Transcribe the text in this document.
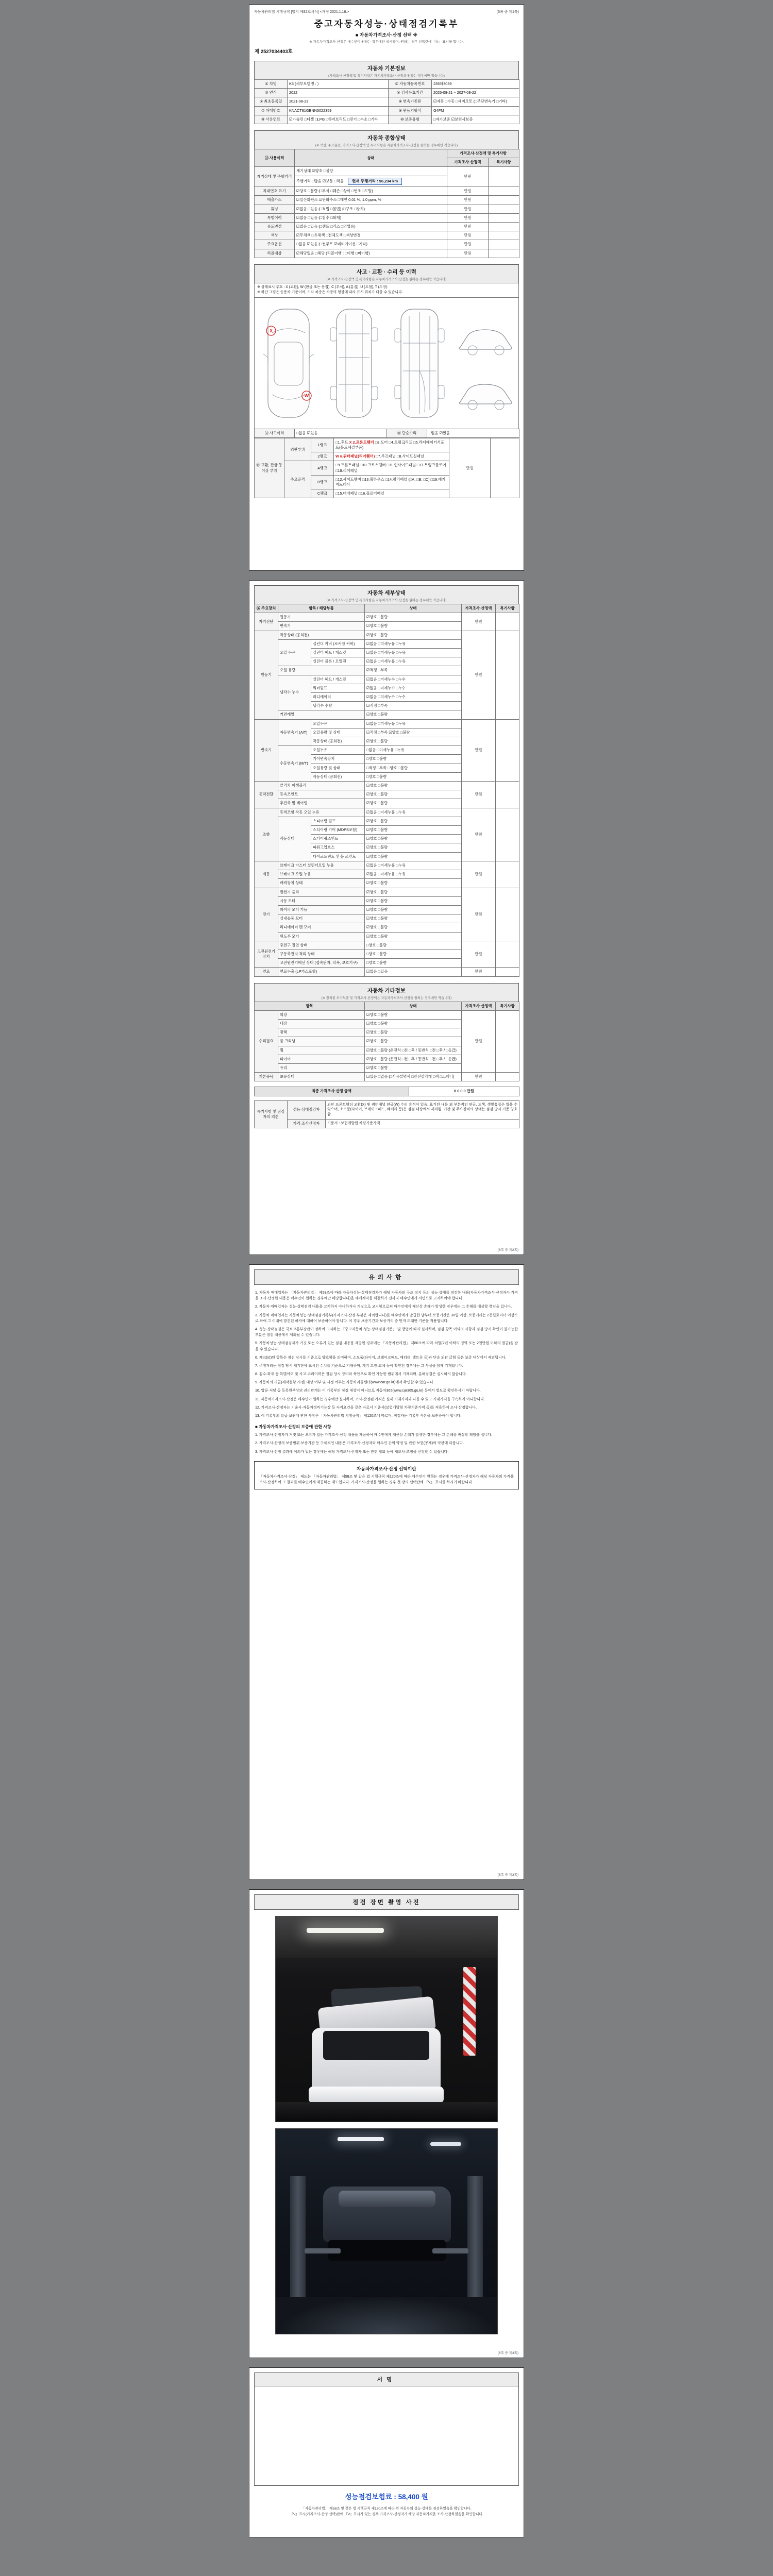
자동차관리법 시행규칙 [별지 제82호서식] <개정 2021.1.16.>	(6쪽 중 제1쪽)
중고자동차성능·상태점검기록부
■ 자동차가격조사·산정 선택 ※
※ 자동차가격조사·산정은 매수인이 원하는 경우에만 실시하며, 원하는 경우 선택란에 『V』 표시를 합니다.
제 2527034403호
자동차 기본정보
(가격조사·산정액 및 특기사항은 자동차가격조사·산정을 원하는 경우에만 적습니다)
① 차명	K3 (세부모델명 : )	② 자동차등록번호	235하3039
③ 연식	2022	④ 검사유효기간	2025-08-21 ~ 2027-08-22
⑤ 최초등록일	2021-08-23	⑥ 변속기종류	☑자동 □수동 □세미오토 (□무단변속기 □기타)
⑦ 차대번호	KNACT81GBNN5022359	⑧ 원동기형식	G4FM
⑨ 사용연료	☑가솔린 □디젤 □LPG □하이브리드 □전기 □수소 □기타	⑩ 보증유형	□자가보증 ☑보험사보증
자동차 종합상태
(※ 색상, 주요옵션, 가격조사·산정액 및 특기사항은 자동차가격조사·산정을 원하는 경우에만 적습니다)
⑪ 사용이력	상태	가격조사·산정액 및 특기사항	
		가격조사·산정액	특기사항
계기상태 및 주행거리	계기상태 ☑양호 □불량	만원	
	주행거리 □많음 ☑보통 □적음 현재 주행거리 : 96,234 km		
차대번호 표기	☑양호 □불량 (□부식 □훼손 □상이 □변조 □도말)	만원	
배출가스	☑일산화탄소 ☑탄화수소 □매연 0.01 %, 1.0 ppm, %	만원	
튜닝	☑없음 □있음 (□적법 □불법) (□구조 □장치)	만원	
특별이력	☑없음 □있음 (□침수 □화재)	만원	
용도변경	☑없음 □있음 (□렌트 □리스 □영업용)	만원	
색상	☑무채색 □유채색 □전체도색 □색상변경	만원	
주요옵션	□없음 ☑있음 (□썬루프 ☑네비게이션 □기타)	만원	
리콜대상	☑해당없음 □해당 (리콜이행 : □이행 □미이행)	만원	
사고 · 교환 · 수리 등 이력
(※ 가격조사·산정액 및 특기사항은 자동차가격조사·산정을 원하는 경우에만 적습니다)
※ 상태표시 부호 : X (교환), W (판금 또는 용접), C (부식), A (흠집), U (요철), T (도장)
※ 하단 그림은 승용차 기준이며, 기타 차종은 차종의 형상에 따라 표시 위치가 다를 수 있습니다.
X
W
⑬ 사고이력	□없음 ☑있음	⑭ 단순수리	□없음 ☑있음
⑮ 교환, 판금 등 이상 부위	외판부위	1랭크	□1.후드 X 2.프론트휀더 □3.도어 □4.트렁크리드 □5.라디에이터서포트(볼트체결부품)	만원	
		2랭크	W 6.쿼터패널(리어휀더) □7.루프패널 □8.사이드실패널		
	주요골격	A랭크	□9.프론트패널 □10.크로스멤버 □11.인사이드패널 □17.트렁크플로어 □18.리어패널		
		B랭크	□12.사이드멤버 □13.휠하우스 □14.필러패널 (□A, □B, □C) □19.패키지트레이		
		C랭크	□15.대쉬패널 □16.플로어패널		
자동차 세부상태
(※ 가격조사·산정액 및 특기사항은 자동차가격조사·산정을 원하는 경우에만 적습니다)
⑯ 주요장치	항목 / 해당부품		상태	가격조사·산정액	특기사항
자기진단	원동기		☑양호 □불량	만원	
	변속기		☑양호 □불량		
원동기	작동상태 (공회전)		☑양호 □불량	만원	
	오일 누유	실린더 커버 (로커암 커버)	☑없음 □미세누유 □누유		
		실린더 헤드 / 개스킷	☑없음 □미세누유 □누유		
		실린더 블록 / 오일팬	☑없음 □미세누유 □누유		
	오일 유량		☑적정 □부족		
	냉각수 누수	실린더 헤드 / 개스킷	☑없음 □미세누수 □누수		
		워터펌프	☑없음 □미세누수 □누수		
		라디에이터	☑없음 □미세누수 □누수		
		냉각수 수량	☑적정 □부족		
	커먼레일		☑양호 □불량		
변속기	자동변속기 (A/T)	오일누유	☑없음 □미세누유 □누유	만원	
		오일유량 및 상태	☑적정 □부족 ☑양호 □불량		
		작동상태 (공회전)	☑양호 □불량		
	수동변속기 (M/T)	오일누유	□없음 □미세누유 □누유		
		기어변속장치	□양호 □불량		
		오일유량 및 상태	□적정 □부족 □양호 □불량		
		작동상태 (공회전)	□양호 □불량		
동력전달	클러치 어셈블리		☑양호 □불량	만원	
	등속조인트		☑양호 □불량		
	추진축 및 베어링		☑양호 □불량		
조향	동력조향 작동 오일 누유		☑없음 □미세누유 □누유	만원	
	작동상태	스티어링 펌프	☑양호 □불량		
		스티어링 기어 (MDPS포함)	☑양호 □불량		
		스티어링조인트	☑양호 □불량		
		파워고압호스	☑양호 □불량		
		타이로드엔드 및 볼 조인트	☑양호 □불량		
제동	브레이크 마스터 실린더오일 누유		☑없음 □미세누유 □누유	만원	
	브레이크 오일 누유		☑없음 □미세누유 □누유		
	배력장치 상태		☑양호 □불량		
전기	발전기 출력		☑양호 □불량	만원	
	시동 모터		☑양호 □불량		
	와이퍼 모터 기능		☑양호 □불량		
	실내송풍 모터		☑양호 □불량		
	라디에이터 팬 모터		☑양호 □불량		
	윈도우 모터		☑양호 □불량		
고전원전기장치	충전구 절연 상태		□양호 □불량	만원	
	구동축전지 격리 상태		□양호 □불량		
	고전원전기배선 상태 (접속단자, 피복, 보호기구)		□양호 □불량		
연료	연료누출 (LP가스포함)		☑없음 □있음	만원	
자동차 기타정보
(※ 장착된 부가부품 및 가격조사·산정액은 자동차가격조사·산정을 원하는 경우에만 적습니다)
항목		상태	가격조사·산정액	특기사항
수리필요	외장	☑양호 □불량	만원	
	내장	☑양호 □불량		
	광택	☑양호 □불량		
	룸 크리닝	☑양호 □불량		
	휠	☑양호 □불량 (운전석 □전 □후 / 동반석 □전 □후 / □응급)		
	타이어	☑양호 □불량 (운전석 □전 □후 / 동반석 □전 □후 / □응급)		
	유리	☑양호 □불량		
기본품목	보유상태	☑있음 □없음 (□사용설명서 □안전삼각대 □잭 □스패너)	만원	
최종 가격조사·산정 금액	0 0 0 0 만원
특기사항 및 점검자의 의견	성능·상태점검자	외판 프론트휀더 교환(X) 및 쿼터패널 판금(W) 수리 흔적이 있음. 표기된 내용 외 부분적인 판금, 도색, 생활흠집은 있을 수 있으며, 소모품(타이어, 브레이크패드, 배터리 등)은 점검 대상에서 제외됨. 기관 및 주요장치의 상태는 점검 당시 기준 양호함.
	가격·조사산정자	기준서 : 보험개발원 차량기준가액
(6쪽 중 제2쪽)
유의사항
1. 자동차 매매업자는 「자동차관리법」 제58조에 따라 자동차성능·상태점검자가 해당 자동차의 구조·장치 등의 성능·상태를 점검한 내용(자동차가격조사·산정자가 가격을 조사·산정한 내용은 매수인이 원하는 경우에만 해당합니다)을 매매계약을 체결하기 전까지 매수인에게 서면으로 고지하여야 합니다.
2. 자동차 매매업자는 성능·상태점검 내용을 고지하지 아니하거나 거짓으로 고지함으로써 매수인에게 재산상 손해가 발생한 경우에는 그 손해를 배상할 책임을 집니다.
3. 자동차 매매업자는 자동차성능·상태점검기록부(가격조사·산정 부분은 제외합니다)를 매수인에게 발급한 날부터 보증기간은 30일 이상, 보증거리는 2천킬로미터 이상으로 하여 그 이내에 발견된 하자에 대하여 보증하여야 합니다. 이 경우 보증기간과 보증거리 중 먼저 도래한 기준을 적용합니다.
4. 성능·상태점검은 국토교통부장관이 정하여 고시하는 「중고자동차 성능·상태점검기준」 및 방법에 따라 실시하며, 점검 항목 이외의 사항과 점검 당시 확인이 불가능한 부분은 점검 내용에서 제외될 수 있습니다.
5. 자동차성능·상태점검자가 거짓 또는 오류가 있는 점검 내용을 제공한 경우에는 「자동차관리법」 제80조에 따라 처벌(2년 이하의 징역 또는 2천만원 이하의 벌금)을 받을 수 있습니다.
6. 체크(☑)된 항목은 점검 당시를 기준으로 양호함을 의미하며, 소모품(타이어, 브레이크패드, 배터리, 벨트류 등)과 단순 외관 긁힘 등은 보증 대상에서 제외됩니다.
7. 주행거리는 점검 당시 계기판에 표시된 수치를 기준으로 기재하며, 계기 고장·교체 등이 확인된 경우에는 그 사실을 함께 기재합니다.
8. 침수·화재 등 특별이력 및 사고·수리이력은 점검 당시 장비와 육안으로 확인 가능한 범위에서 기재되며, 분해점검은 실시하지 않습니다.
9. 자동차의 리콜(제작결함 시정) 대상 여부 및 시정 여부는 자동차리콜센터(www.car.go.kr)에서 확인할 수 있습니다.
10. 압류·저당 등 등록원부상의 권리관계는 이 기록부의 점검 대상이 아니므로 자동차365(www.car365.go.kr) 등에서 별도로 확인하시기 바랍니다.
11. 자동차가격조사·산정은 매수인이 원하는 경우에만 실시하며, 조사·산정된 가격은 실제 거래가격과 다를 수 있고 거래가격을 구속하지 아니합니다.
12. 가격조사·산정자는 기술사·자동차정비기능장 등 자격요건을 갖춘 자로서 기준서(보험개발원 차량기준가액 등)를 적용하여 조사·산정합니다.
13. 이 기록부의 발급·보관에 관한 사항은 「자동차관리법 시행규칙」 제120조에 따르며, 점검자는 기록부 사본을 보관하여야 합니다.
■ 자동차가격조사·산정의 보증에 관한 사항
1. 가격조사·산정자가 거짓 또는 오류가 있는 가격조사·산정 내용을 제공하여 매수인에게 재산상 손해가 발생한 경우에는 그 손해를 배상할 책임을 집니다.
2. 가격조사·산정의 보증범위·보증기간 등 구체적인 내용은 가격조사·산정자와 매수인 간의 약정 및 관련 보험(공제)의 약관에 따릅니다.
3. 가격조사·산정 결과에 이의가 있는 경우에는 해당 가격조사·산정자 또는 관련 협회 등에 재조사·조정을 신청할 수 있습니다.
자동차가격조사·산정 선택이란

「자동차가격조사·산정」 제도는 「자동차관리법」 제58조 및 같은 법 시행규칙 제120조에 따라 매수인이 원하는 경우에 가격조사·산정자가 해당 자동차의 가격을 조사·산정하여 그 결과를 매수인에게 제공하는 제도입니다. 가격조사·산정을 원하는 경우 첫 장의 선택란에 『V』 표시를 하시기 바랍니다.

(6쪽 중 제3쪽)
점검 장면 촬영 사진
(6쪽 중 제4쪽)
서명
성능점검보험료 : 58,400 원

「자동차관리법」 제58조 및 같은 법 시행규칙 제120조에 따라 위 자동차의 성능·상태를 점검하였음을 확인합니다.

『V』표시(가격조사·산정 선택)란에 『V』표시가 있는 경우 가격조사·산정자가 해당 자동차가격을 조사·산정하였음을 확인합니다.
